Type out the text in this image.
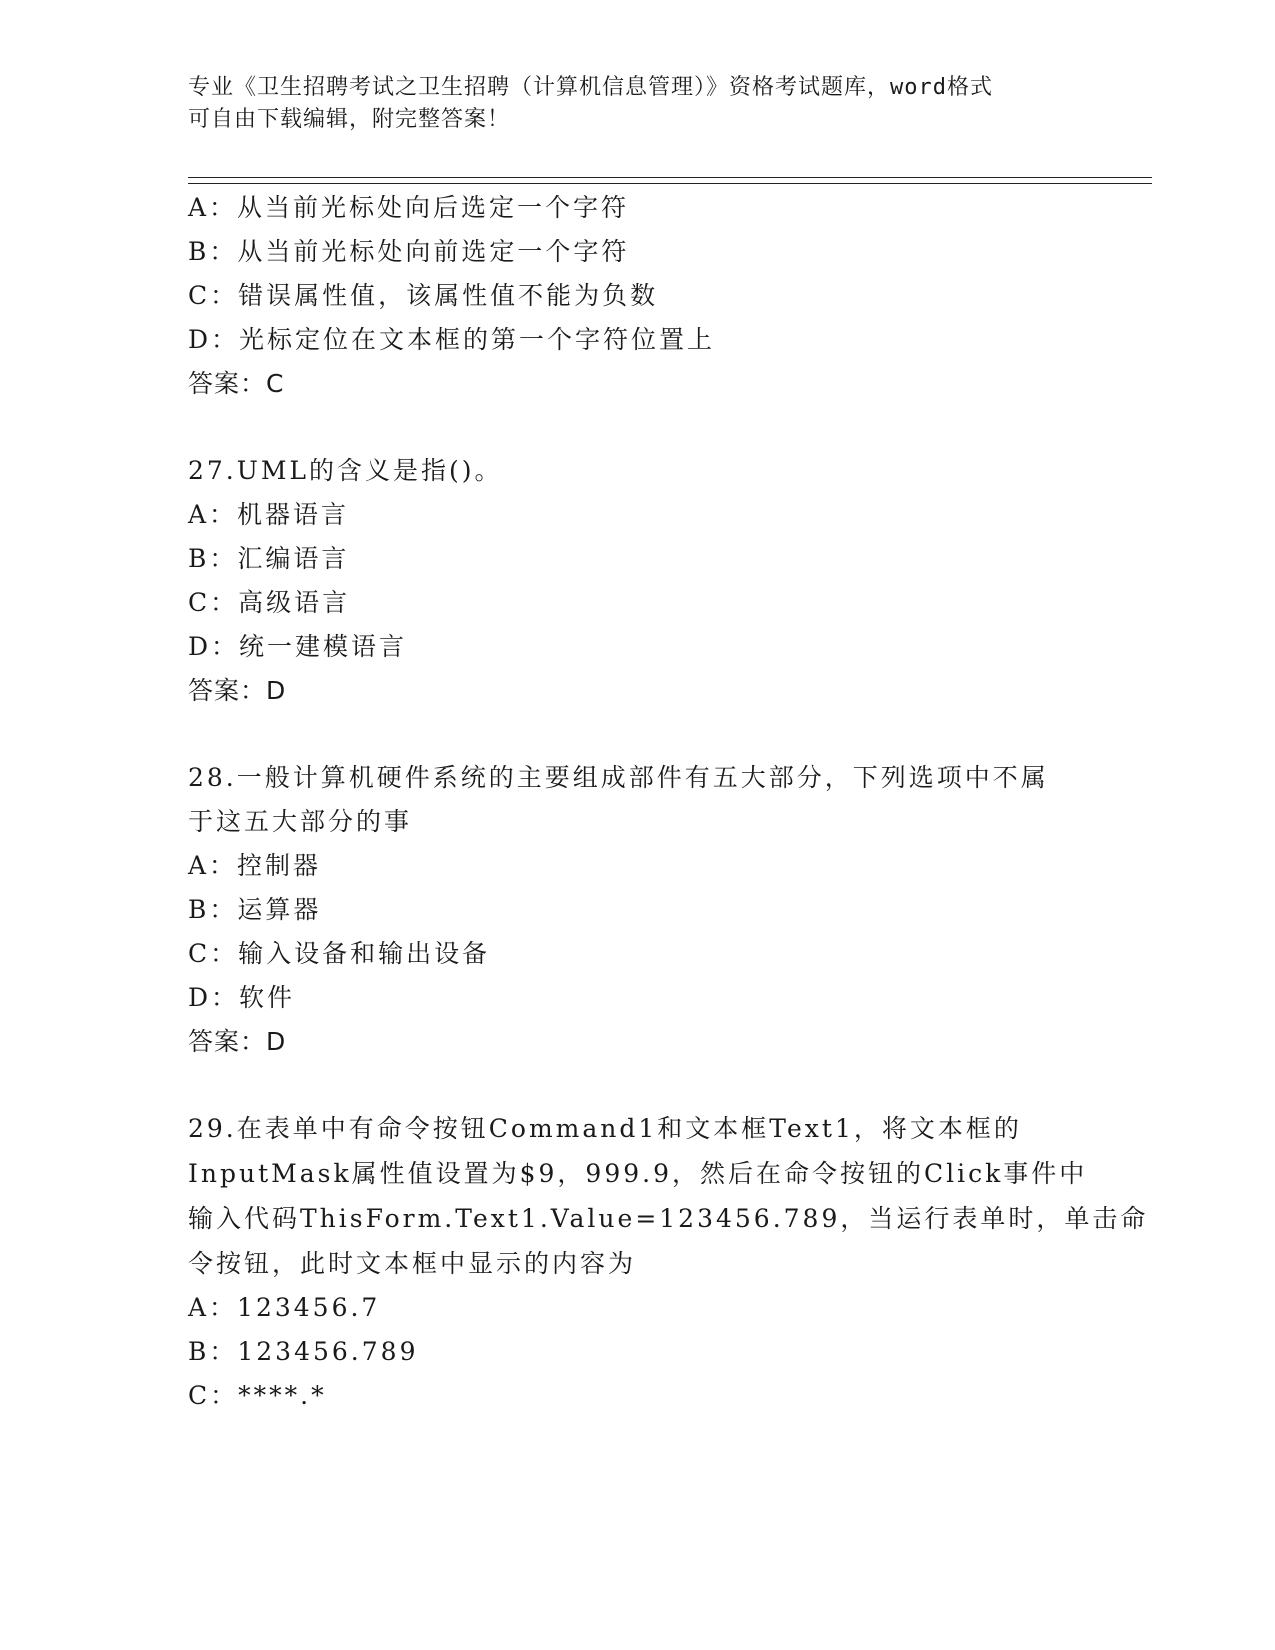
专业《卫生招聘考试之卫生招聘（计算机信息管理）》资格考试题库，word格式
可自由下载编辑，附完整答案！
A：从当前光标处向后选定一个字符
B：从当前光标处向前选定一个字符
C：错误属性值，该属性值不能为负数
D：光标定位在文本框的第一个字符位置上
答案：C
27.UML的含义是指()。
A：机器语言
B：汇编语言
C：高级语言
D：统一建模语言
答案：D
28.一般计算机硬件系统的主要组成部件有五大部分，下列选项中不属
于这五大部分的事
A：控制器
B：运算器
C：输入设备和输出设备
D：软件
答案：D
29.在表单中有命令按钮Command1和文本框Text1，将文本框的
InputMask属性值设置为$9，999.9，然后在命令按钮的Click事件中
输入代码ThisForm.Text1.Value=123456.789，当运行表单时，单击命
令按钮，此时文本框中显示的内容为
A：123456.7
B：123456.789
C：****.*
